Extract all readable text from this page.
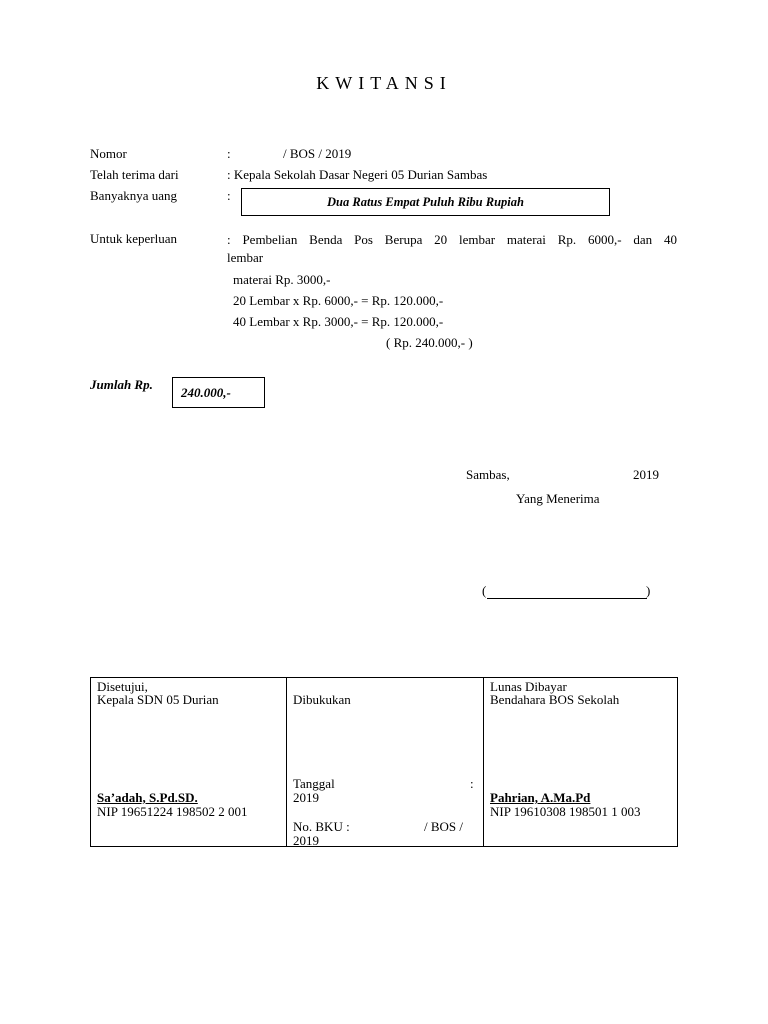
KWITANSI
Nomor	:	/ BOS / 2019
Telah terima dari	: Kepala Sekolah Dasar Negeri 05 Durian Sambas
Banyaknya uang	:	Dua Ratus Empat Puluh Ribu Rupiah
Untuk keperluan	: Pembelian Benda Pos Berupa 20 lembar materai Rp. 6000,- dan 40
lembar
materai Rp. 3000,-
20 Lembar x Rp. 6000,- = Rp. 120.000,-
40 Lembar x Rp. 3000,- = Rp. 120.000,-
( Rp. 240.000,- )
Jumlah Rp. 240.000,-
Sambas,	2019
Yang Menerima
(	)
Disetujui,
Kepala SDN 05 Durian
Sa’adah, S.Pd.SD.
NIP 19651224 198502 2 001

Dibukukan
Tanggal	:
2019
No. BKU :	/ BOS /
2019

Lunas Dibayar
Bendahara BOS Sekolah
Pahrian, A.Ma.Pd
NIP 19610308 198501 1 003
